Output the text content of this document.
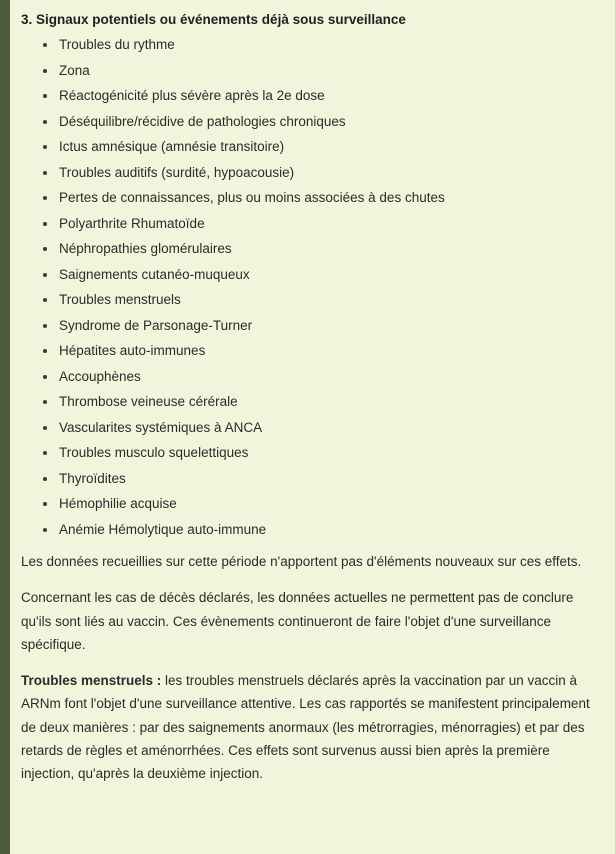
3. Signaux potentiels ou événements déjà sous surveillance
Troubles du rythme
Zona
Réactogénicité plus sévère après la 2e dose
Déséquilibre/récidive de pathologies chroniques
Ictus amnésique (amnésie transitoire)
Troubles auditifs (surdité, hypoacousie)
Pertes de connaissances, plus ou moins associées à des chutes
Polyarthrite Rhumatoïde
Néphropathies glomérulaires
Saignements cutanéo-muqueux
Troubles menstruels
Syndrome de Parsonage-Turner
Hépatites auto-immunes
Accouphènes
Thrombose veineuse cérérale
Vascularites systémiques à ANCA
Troubles musculo squelettiques
Thyroïdites
Hémophilie acquise
Anémie Hémolytique auto-immune

Les données recueillies sur cette période n'apportent pas d'éléments nouveaux sur ces effets.

Concernant les cas de décès déclarés, les données actuelles ne permettent pas de conclure qu'ils sont liés au vaccin. Ces évènements continueront de faire l'objet d'une surveillance spécifique.

Troubles menstruels : les troubles menstruels déclarés après la vaccination par un vaccin à ARNm font l'objet d'une surveillance attentive. Les cas rapportés se manifestent principalement de deux manières : par des saignements anormaux (les métrorragies, ménorragies) et par des retards de règles et aménorrhées. Ces effets sont survenus aussi bien après la première injection, qu'après la deuxième injection.
